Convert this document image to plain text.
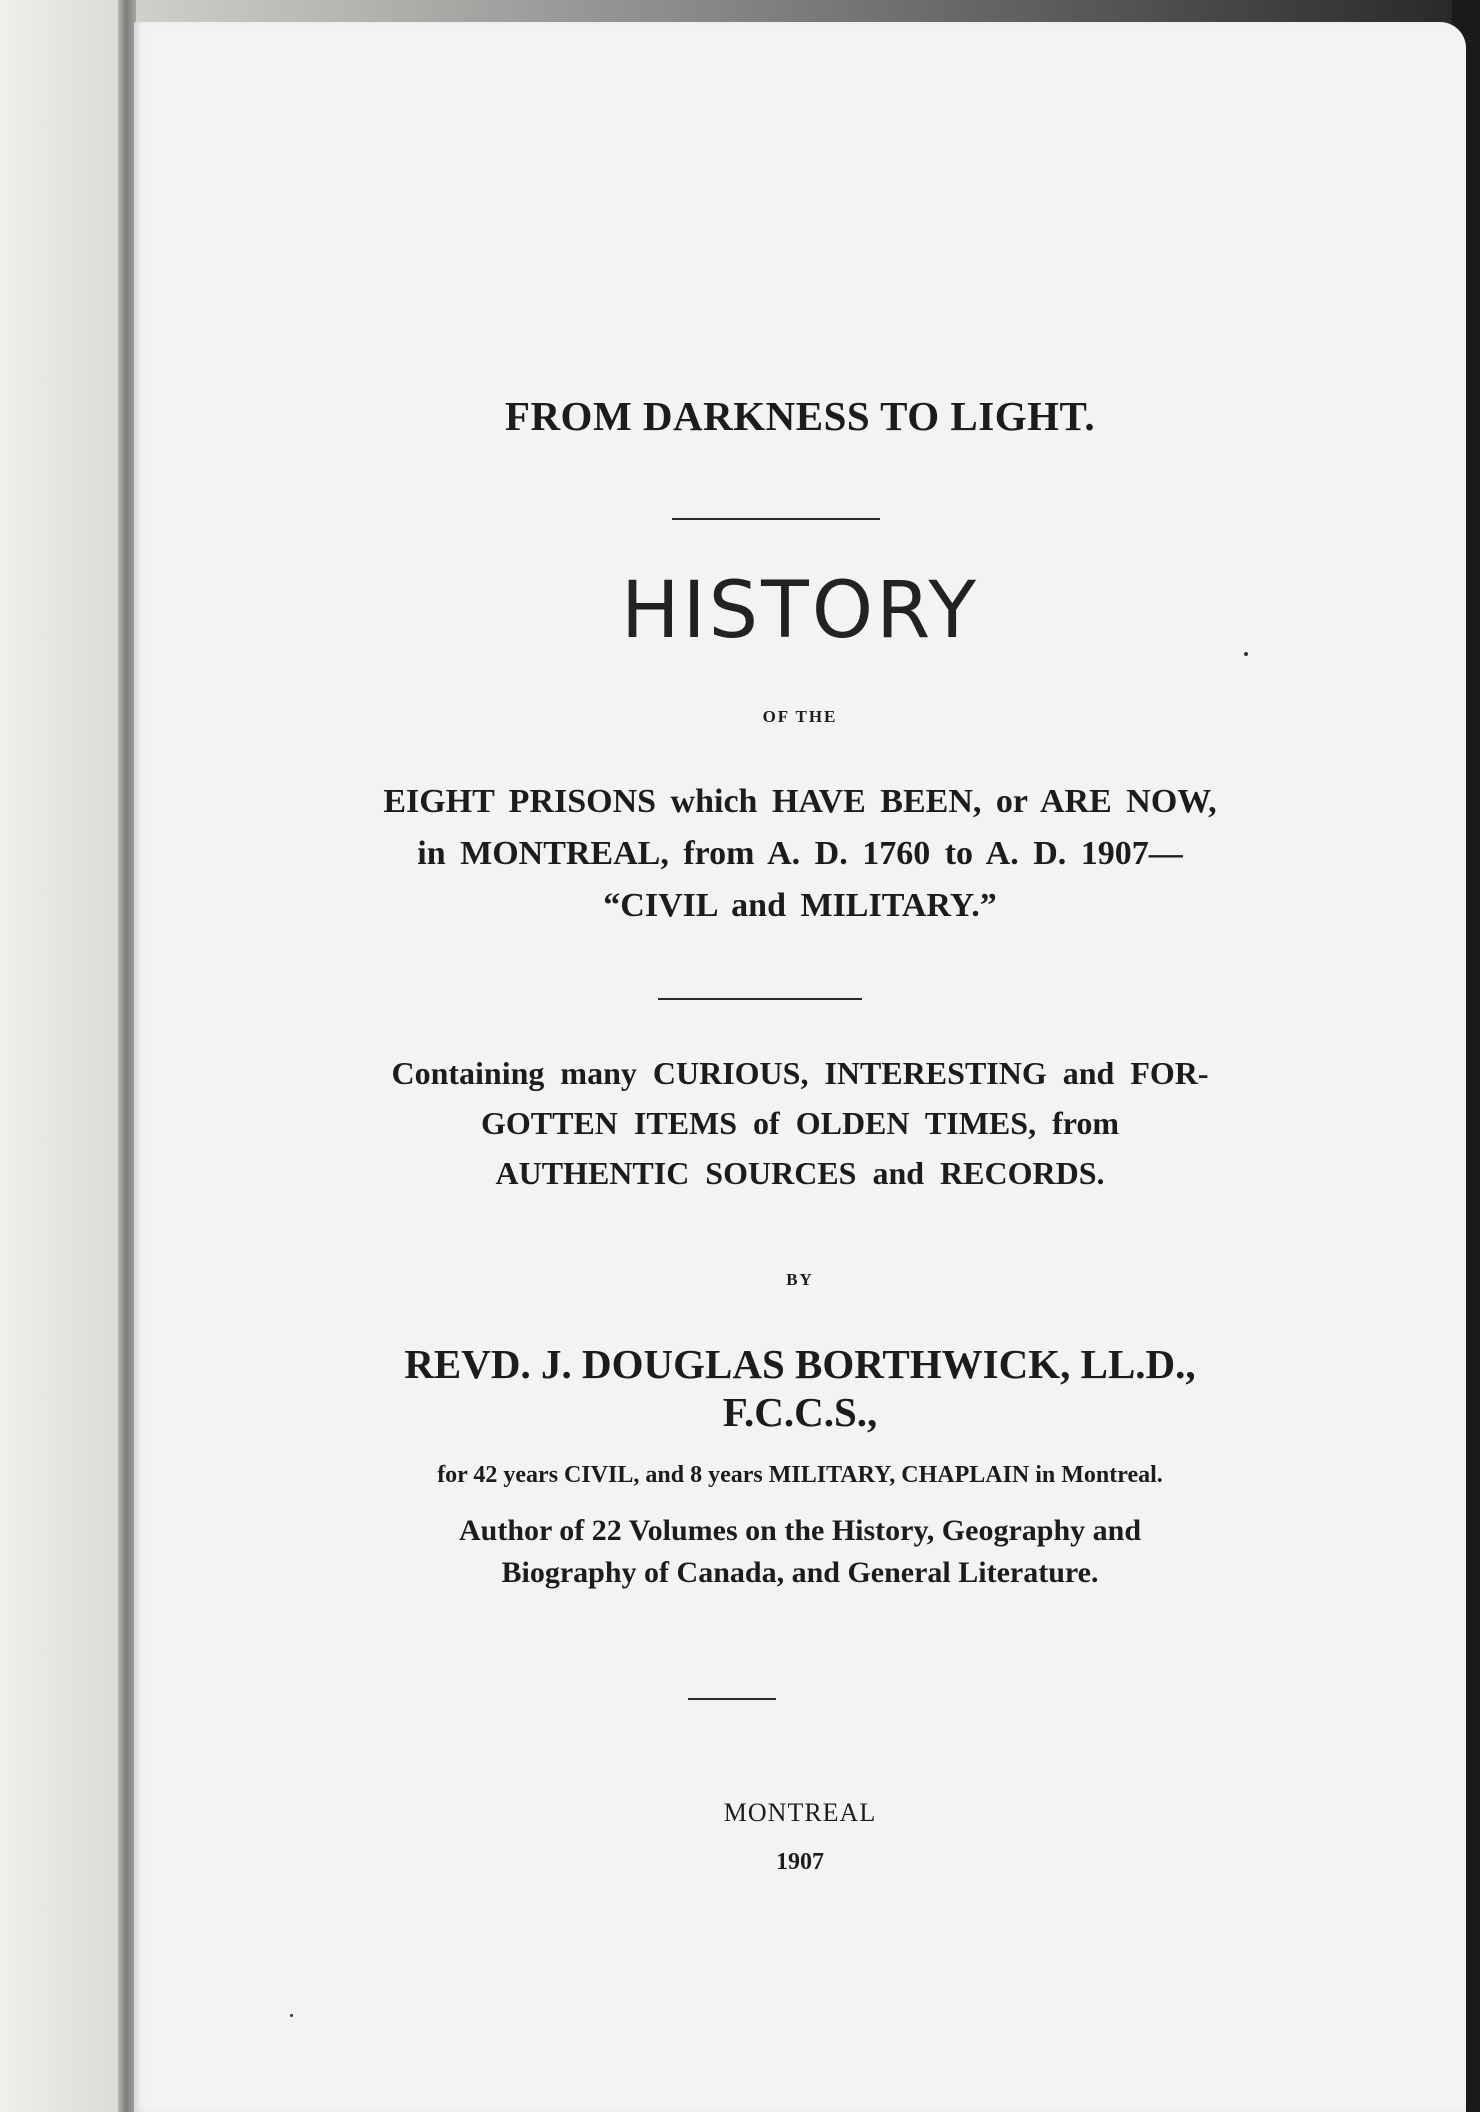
FROM DARKNESS TO LIGHT.
HISTORY
OF THE
EIGHT PRISONS which HAVE BEEN, or ARE NOW,
in MONTREAL, from A. D. 1760 to A. D. 1907—
“CIVIL and MILITARY.”
Containing many CURIOUS, INTERESTING and FOR-
GOTTEN ITEMS of OLDEN TIMES, from
AUTHENTIC SOURCES and RECORDS.
BY
REVD. J. DOUGLAS BORTHWICK, LL.D.,
F.C.C.S.,
for 42 years CIVIL, and 8 years MILITARY, CHAPLAIN in Montreal.
Author of 22 Volumes on the History, Geography and
Biography of Canada, and General Literature.
MONTREAL
1907
